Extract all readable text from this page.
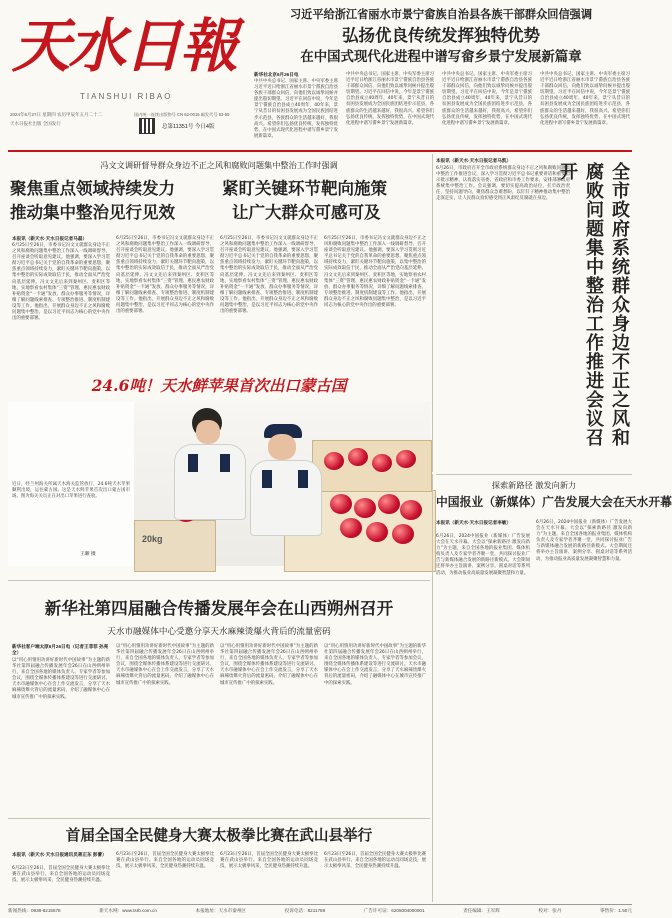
天水日報
TIANSHUI RIBAO
2024年6月27日 星期四 农历甲辰年五月二十二
天水日报社出版 全国发行
国内统一连续出版物号 CN 62-0015 邮发代号 53-55
总第11351号 今日4版
习近平给浙江省丽水市景宁畲族自治县各族干部群众回信强调
弘扬优良传统发挥独特优势
在中国式现代化进程中谱写畲乡景宁发展新篇章
新华社北京6月26日电
中共中央总书记、国家主席、中央军委主席习近平近日给浙江省丽水市景宁畲族自治县各族干部群众回信，向他们致以诚挚问候并提出殷切期望。习近平在回信中说，今年是景宁畲族自治县成立40周年，40年来，景宁从昔日的贫困县发展成为全国民族团结进步示范县，各族群众的生活越来越好，我很高兴。希望你们弘扬优良传统，发挥独特优势，在中国式现代化进程中谱写畲乡景宁发展新篇章。
中共中央总书记、国家主席、中央军委主席习近平近日给浙江省丽水市景宁畲族自治县各族干部群众回信，向他们致以诚挚问候并提出殷切期望。习近平在回信中说，今年是景宁畲族自治县成立40周年，40年来，景宁从昔日的贫困县发展成为全国民族团结进步示范县，各族群众的生活越来越好，我很高兴。希望你们弘扬优良传统，发挥独特优势，在中国式现代化进程中谱写畲乡景宁发展新篇章。
中共中央总书记、国家主席、中央军委主席习近平近日给浙江省丽水市景宁畲族自治县各族干部群众回信，向他们致以诚挚问候并提出殷切期望。习近平在回信中说，今年是景宁畲族自治县成立40周年，40年来，景宁从昔日的贫困县发展成为全国民族团结进步示范县，各族群众的生活越来越好，我很高兴。希望你们弘扬优良传统，发挥独特优势，在中国式现代化进程中谱写畲乡景宁发展新篇章。
中共中央总书记、国家主席、中央军委主席习近平近日给浙江省丽水市景宁畲族自治县各族干部群众回信，向他们致以诚挚问候并提出殷切期望。习近平在回信中说，今年是景宁畲族自治县成立40周年，40年来，景宁从昔日的贫困县发展成为全国民族团结进步示范县，各族群众的生活越来越好，我很高兴。希望你们弘扬优良传统，发挥独特优势，在中国式现代化进程中谱写畲乡景宁发展新篇章。
冯文文调研督导群众身边不正之风和腐败问题集中整治工作时强调
聚焦重点领域持续发力
推动集中整治见行见效
紧盯关键环节靶向施策
让广大群众可感可及
本报讯（新天水·天水日报记者马磊）
6月25日至26日，市委书记冯文文就群众身边不正之风和腐败问题集中整治工作深入一线调研督导，召开座谈会听取意见建议。他强调，要深入学习贯彻习近平总书记关于党的自我革命的重要思想，聚焦重点领域持续发力，紧盯关键环节靶向施策，以集中整治的实际成效取信于民，推动全面从严治党向基层延伸。冯文文先后来到秦州区、麦积区等地，实地察看农村集体“三资”管理、惠民惠农财政补贴资金“一卡通”发放、群众办事服务等情况，详细了解问题线索排查、专项整治推进、制度机制建设等工作。他指出，开展群众身边不正之风和腐败问题集中整治，是以习近平同志为核心的党中央作出的重要部署。
6月25日至26日，市委书记冯文文就群众身边不正之风和腐败问题集中整治工作深入一线调研督导，召开座谈会听取意见建议。他强调，要深入学习贯彻习近平总书记关于党的自我革命的重要思想，聚焦重点领域持续发力，紧盯关键环节靶向施策，以集中整治的实际成效取信于民，推动全面从严治党向基层延伸。冯文文先后来到秦州区、麦积区等地，实地察看农村集体“三资”管理、惠民惠农财政补贴资金“一卡通”发放、群众办事服务等情况，详细了解问题线索排查、专项整治推进、制度机制建设等工作。他指出，开展群众身边不正之风和腐败问题集中整治，是以习近平同志为核心的党中央作出的重要部署。
6月25日至26日，市委书记冯文文就群众身边不正之风和腐败问题集中整治工作深入一线调研督导，召开座谈会听取意见建议。他强调，要深入学习贯彻习近平总书记关于党的自我革命的重要思想，聚焦重点领域持续发力，紧盯关键环节靶向施策，以集中整治的实际成效取信于民，推动全面从严治党向基层延伸。冯文文先后来到秦州区、麦积区等地，实地察看农村集体“三资”管理、惠民惠农财政补贴资金“一卡通”发放、群众办事服务等情况，详细了解问题线索排查、专项整治推进、制度机制建设等工作。他指出，开展群众身边不正之风和腐败问题集中整治，是以习近平同志为核心的党中央作出的重要部署。
6月25日至26日，市委书记冯文文就群众身边不正之风和腐败问题集中整治工作深入一线调研督导，召开座谈会听取意见建议。他强调，要深入学习贯彻习近平总书记关于党的自我革命的重要思想，聚焦重点领域持续发力，紧盯关键环节靶向施策，以集中整治的实际成效取信于民，推动全面从严治党向基层延伸。冯文文先后来到秦州区、麦积区等地，实地察看农村集体“三资”管理、惠民惠农财政补贴资金“一卡通”发放、群众办事服务等情况，详细了解问题线索排查、专项整治推进、制度机制建设等工作。他指出，开展群众身边不正之风和腐败问题集中整治，是以习近平同志为核心的党中央作出的重要部署。
本报讯（新天水·天水日报记者马凯）
6月26日，市政府召开全市政府系统群众身边不正之风和腐败问题集中整治工作推进会议，深入学习贯彻习近平总书记重要讲话和重要指示批示精神，认真落实省委、省政府和市委工作要求，安排部署政府系统集中整治工作。会议强调，要切实提高政治站位，扛牢政治责任，坚持问题导向，聚焦群众急难愁盼，以钉钉子精神推动集中整治走深走实，让人民群众真切感受到正风肃纪反腐就在身边。	全市政府系统群众身边不正之风和腐败问题集中整治工作推进会议召开
24.6吨！天水鲜苹果首次出口蒙古国
近日，经兰州海关所属天水海关监管放行，24.6吨天水苹果顺利出境，运往蒙古国。这是天水鲜苹果首次出口蒙古国市场。图为海关关员正在对出口苹果进行查验。
王曜 摄
20kg
新华社第四届融合传播发展年会在山西朔州召开
天水市融媒体中心受邀分享天水麻辣烫爆火背后的流量密码
新华社客户端太原6月26日电（记者王菲菲 孙亮全）
以“用心用情用功讲好新时代中国故事”为主题的新华社第四届融合传播发展年会26日在山西朔州举行，来自全国各地的媒体负责人、专家学者等参加会议，围绕全媒体传播体系建设等进行交流研讨。天水市融媒体中心在会上作交流发言，分享了天水麻辣烫爆火背后的流量密码，介绍了融媒体中心在城市宣传推广中的探索实践。
以“用心用情用功讲好新时代中国故事”为主题的新华社第四届融合传播发展年会26日在山西朔州举行，来自全国各地的媒体负责人、专家学者等参加会议，围绕全媒体传播体系建设等进行交流研讨。天水市融媒体中心在会上作交流发言，分享了天水麻辣烫爆火背后的流量密码，介绍了融媒体中心在城市宣传推广中的探索实践。
以“用心用情用功讲好新时代中国故事”为主题的新华社第四届融合传播发展年会26日在山西朔州举行，来自全国各地的媒体负责人、专家学者等参加会议，围绕全媒体传播体系建设等进行交流研讨。天水市融媒体中心在会上作交流发言，分享了天水麻辣烫爆火背后的流量密码，介绍了融媒体中心在城市宣传推广中的探索实践。
以“用心用情用功讲好新时代中国故事”为主题的新华社第四届融合传播发展年会26日在山西朔州举行，来自全国各地的媒体负责人、专家学者等参加会议，围绕全媒体传播体系建设等进行交流研讨。天水市融媒体中心在会上作交流发言，分享了天水麻辣烫爆火背后的流量密码，介绍了融媒体中心在城市宣传推广中的探索实践。
探索新路径 激发向新力
中国报业（新媒体）广告发展大会在天水开幕
本报讯（新天水·天水日报记者李敏）
6月26日，2024中国报业（新媒体）广告发展大会在天水开幕。大会以“探索新路径 激发向新力”为主题，来自全国各地的报业集团、媒体机构负责人及专家学者齐聚一堂，共同探讨报业广告与新媒体融合发展的新路径新模式。大会期间还将举办主旨演讲、案例分享、圆桌对话等系列活动，为推动报业高质量发展凝聚智慧和力量。
6月26日，2024中国报业（新媒体）广告发展大会在天水开幕。大会以“探索新路径 激发向新力”为主题，来自全国各地的报业集团、媒体机构负责人及专家学者齐聚一堂，共同探讨报业广告与新媒体融合发展的新路径新模式。大会期间还将举办主旨演讲、案例分享、圆桌对话等系列活动，为推动报业高质量发展凝聚智慧和力量。
首届全国全民健身大赛太极拳比赛在武山县举行
本报讯（新天水·天水日报通讯员蒋正东 彭蕾）
6月23日至26日，首届全国全民健身大赛太极拳比赛在武山县举行。来自全国各地的运动员同场竞技，展示太极拳风采，全民健身热潮持续升温。
6月23日至26日，首届全国全民健身大赛太极拳比赛在武山县举行。来自全国各地的运动员同场竞技，展示太极拳风采，全民健身热潮持续升温。
6月23日至26日，首届全国全民健身大赛太极拳比赛在武山县举行。来自全国各地的运动员同场竞技，展示太极拳风采，全民健身热潮持续升温。
6月23日至26日，首届全国全民健身大赛太极拳比赛在武山县举行。来自全国各地的运动员同场竞技，展示太极拳风采，全民健身热潮持续升温。
新闻热线：0938-8215678	新天水网：www.tsrb.com.cn	本报地址：天水市秦州区	投诉电话：8211789	广告许可证：6205004000001	责任编辑：王军辉	校对：张丹	零售价：1.50元
